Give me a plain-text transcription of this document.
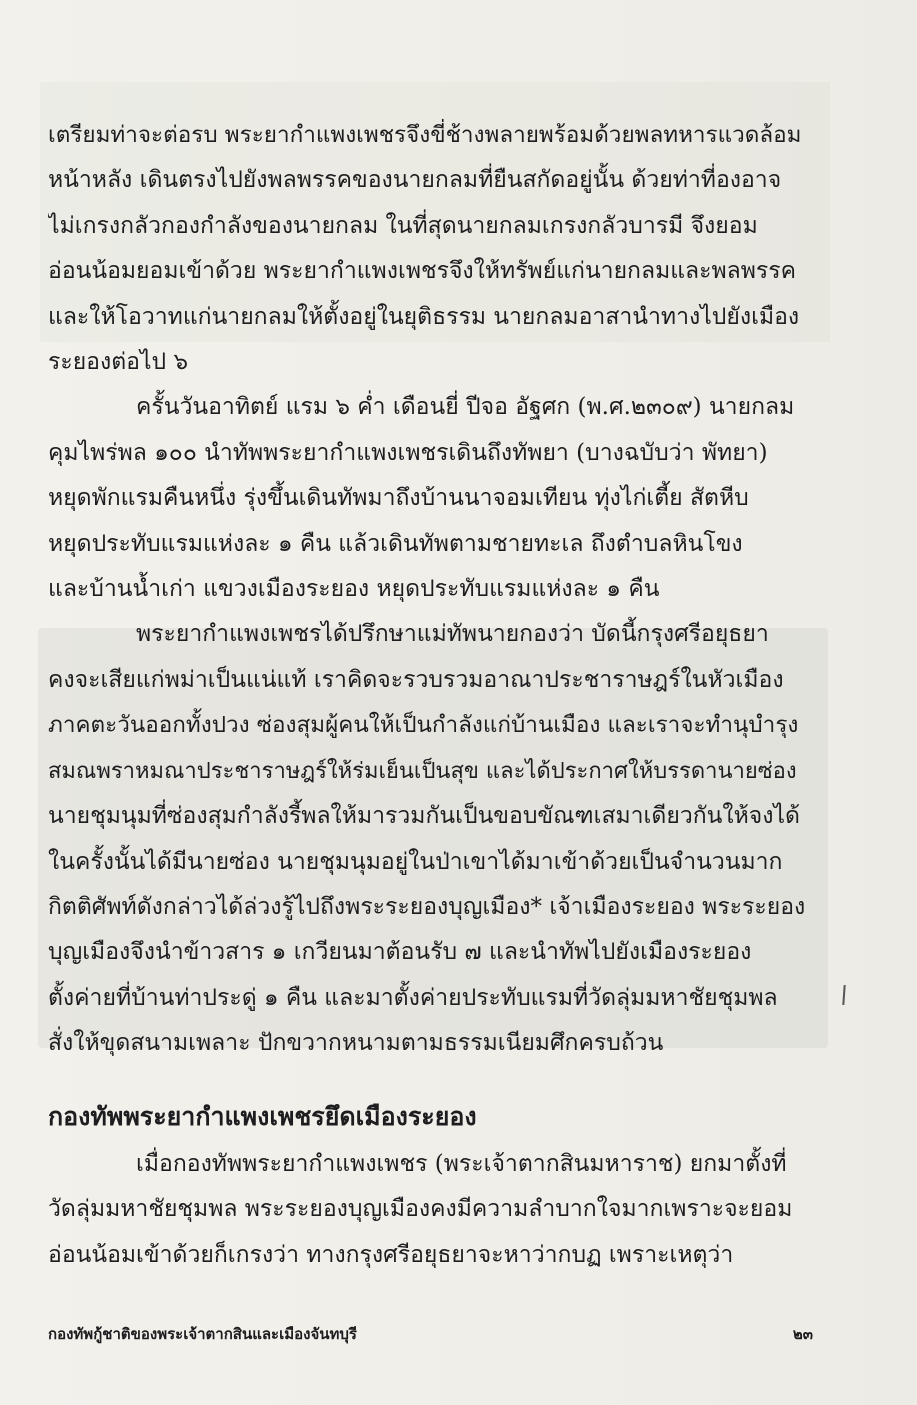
เตรียมท่าจะต่อรบ พระยากำแพงเพชรจึงขี่ช้างพลายพร้อมด้วยพลทหารแวดล้อม
หน้าหลัง เดินตรงไปยังพลพรรคของนายกลมที่ยืนสกัดอยู่นั้น ด้วยท่าที่องอาจ
ไม่เกรงกลัวกองกำลังของนายกลม ในที่สุดนายกลมเกรงกลัวบารมี จึงยอม
อ่อนน้อมยอมเข้าด้วย พระยากำแพงเพชรจึงให้ทรัพย์แก่นายกลมและพลพรรค
และให้โอวาทแก่นายกลมให้ตั้งอยู่ในยุติธรรม นายกลมอาสานำทางไปยังเมือง
ระยองต่อไป ๖
ครั้นวันอาทิตย์ แรม ๖ ค่ำ เดือนยี่ ปีจอ อัฐศก (พ.ศ.๒๓๐๙) นายกลม
คุมไพร่พล ๑๐๐ นำทัพพระยากำแพงเพชรเดินถึงทัพยา (บางฉบับว่า พัทยา)
หยุดพักแรมคืนหนึ่ง รุ่งขึ้นเดินทัพมาถึงบ้านนาจอมเทียน ทุ่งไก่เตี้ย สัตหีบ
หยุดประทับแรมแห่งละ ๑ คืน แล้วเดินทัพตามชายทะเล ถึงตำบลหินโขง
และบ้านน้ำเก่า แขวงเมืองระยอง หยุดประทับแรมแห่งละ ๑ คืน
พระยากำแพงเพชรได้ปรึกษาแม่ทัพนายกองว่า บัดนี้กรุงศรีอยุธยา
คงจะเสียแก่พม่าเป็นแน่แท้ เราคิดจะรวบรวมอาณาประชาราษฎร์ในหัวเมือง
ภาคตะวันออกทั้งปวง ซ่องสุมผู้คนให้เป็นกำลังแก่บ้านเมือง และเราจะทำนุบำรุง
สมณพราหมณาประชาราษฎร์ให้ร่มเย็นเป็นสุข และได้ประกาศให้บรรดานายซ่อง
นายชุมนุมที่ซ่องสุมกำลังรี้พลให้มารวมกันเป็นขอบขัณฑเสมาเดียวกันให้จงได้
ในครั้งนั้นได้มีนายซ่อง นายชุมนุมอยู่ในป่าเขาได้มาเข้าด้วยเป็นจำนวนมาก
กิตติศัพท์ดังกล่าวได้ล่วงรู้ไปถึงพระระยองบุญเมือง* เจ้าเมืองระยอง พระระยอง
บุญเมืองจึงนำข้าวสาร ๑ เกวียนมาต้อนรับ ๗ และนำทัพไปยังเมืองระยอง
ตั้งค่ายที่บ้านท่าประดู่ ๑ คืน และมาตั้งค่ายประทับแรมที่วัดลุ่มมหาชัยชุมพล
สั่งให้ขุดสนามเพลาะ ปักขวากหนามตามธรรมเนียมศึกครบถ้วน
กองทัพพระยากำแพงเพชรยึดเมืองระยอง
เมื่อกองทัพพระยากำแพงเพชร (พระเจ้าตากสินมหาราช) ยกมาตั้งที่
วัดลุ่มมหาชัยชุมพล พระระยองบุญเมืองคงมีความลำบากใจมากเพราะจะยอม
อ่อนน้อมเข้าด้วยก็เกรงว่า ทางกรุงศรีอยุธยาจะหาว่ากบฏ เพราะเหตุว่า
กองทัพกู้ชาติของพระเจ้าตากสินและเมืองจันทบุรี	๒๓
